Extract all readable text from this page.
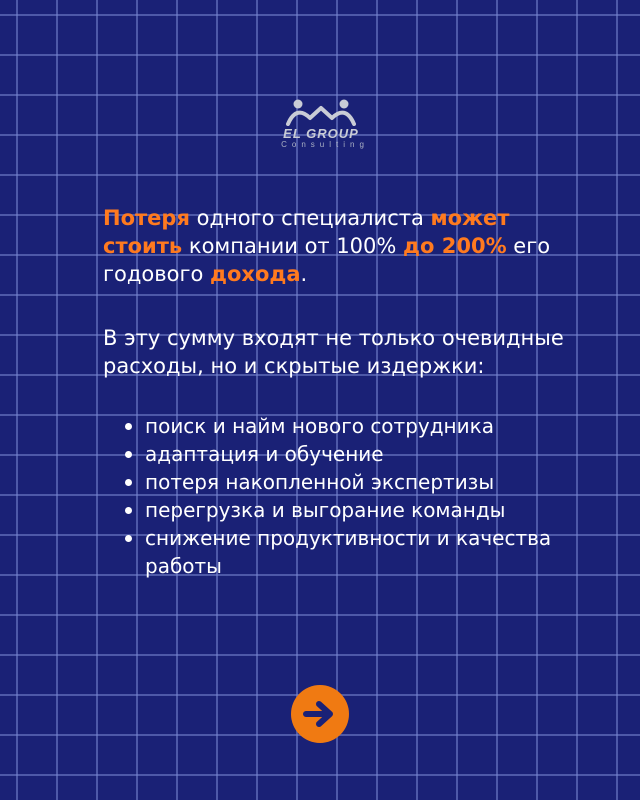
EL GROUP
Consulting

Потеря одного специалиста может стоить компании от 100% до 200% его годового дохода.

В эту сумму входят не только очевидные расходы, но и скрытые издержки:

поиск и найм нового сотрудника
адаптация и обучение
потеря накопленной экспертизы
перегрузка и выгорание команды
снижение продуктивности и качества работы
